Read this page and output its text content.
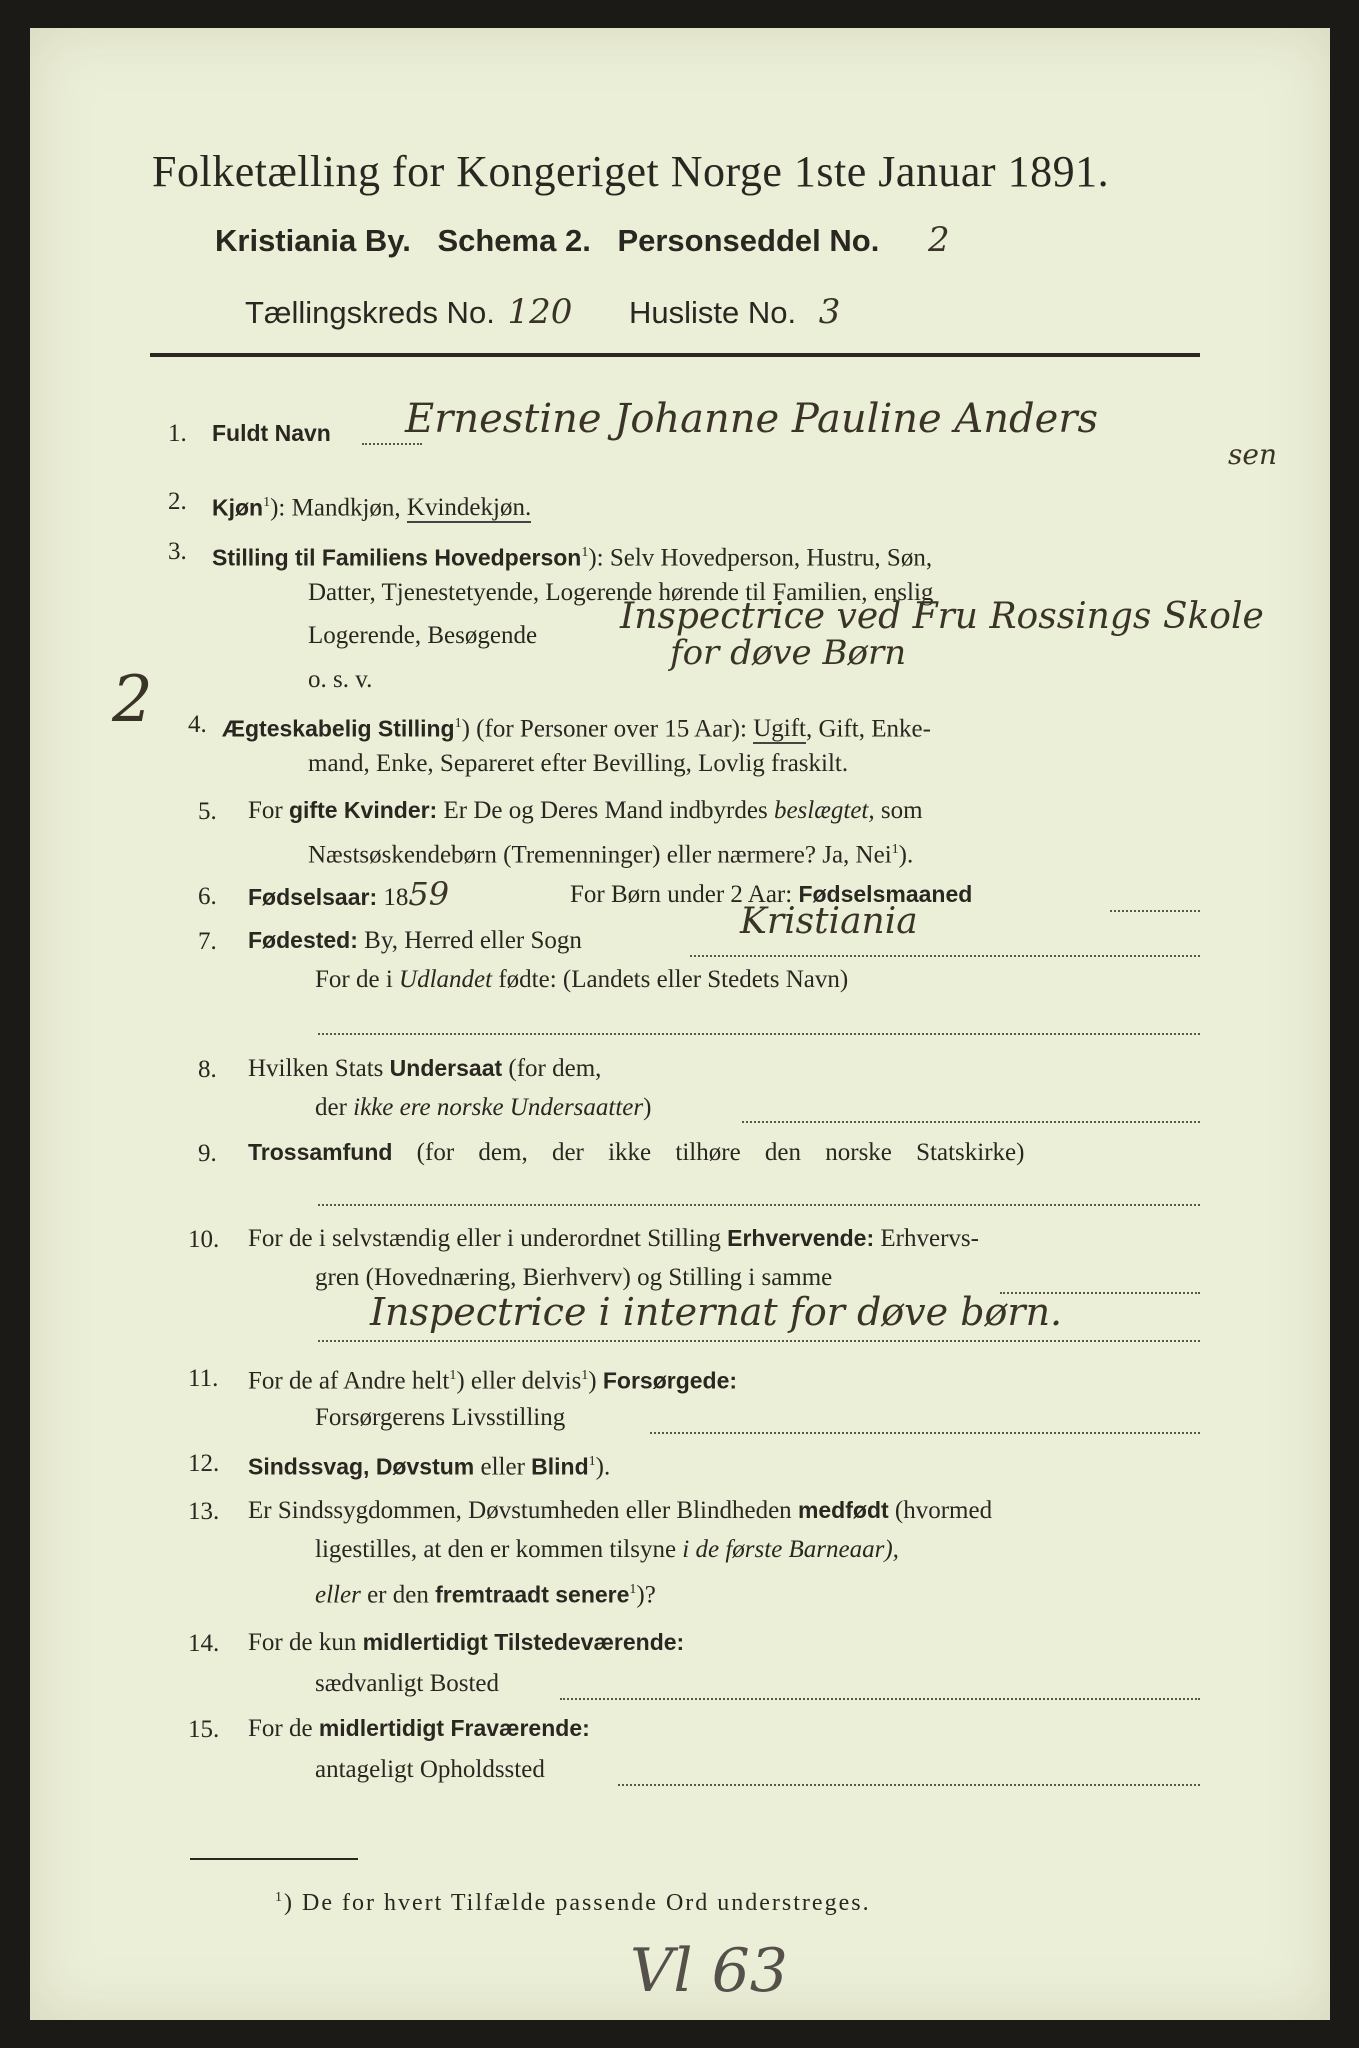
Folketælling for Kongeriget Norge 1ste Januar 1891.
Kristiania By. Schema 2. Personseddel No. 2
Tællingskreds No. 120 Husliste No. 3
1. Fuldt Navn Ernestine Johanne Pauline Anders
sen
2. Kjøn$^1$): Mandkjøn, Kvindekjøn.
3. Stilling til Familiens Hovedperson$^1$): Selv Hovedperson, Hustru, Søn,
Datter, Tjenestetyende, Logerende hørende til Familien, enslig
Logerende, Besøgende Inspectrice ved Fru Rossings Skole
for døve Børn
o. s. v.
2 4. Ægteskabelig Stilling$^1$) (for Personer over 15 Aar): Ugift, Gift, Enke-
mand, Enke, Separeret efter Bevilling, Lovlig fraskilt.
5. For gifte Kvinder: Er De og Deres Mand indbyrdes beslægtet, som
Næstsøskendebørn (Tremenninger) eller nærmere? Ja, Nei$^1$).
6. Fødselsaar: 1859	For Børn under 2 Aar: Fødselsmaaned
7. Fødested: By, Herred eller Sogn	Kristiania
For de i Udlandet fødte: (Landets eller Stedets Navn)
8. Hvilken Stats Undersaat (for dem,
der ikke ere norske Undersaatter)
9. Trossamfund (for dem, der ikke tilhøre den norske Statskirke)
10. For de i selvstændig eller i underordnet Stilling Erhvervende: Erhvervs-
gren (Hovednæring, Bierhverv) og Stilling i samme
Inspectrice i internat for døve børn.
11. For de af Andre helt$^1$) eller delvis$^1$) Forsørgede:
Forsørgerens Livsstilling
12. Sindssvag, Døvstum eller Blind$^1$).
13. Er Sindssygdommen, Døvstumheden eller Blindheden medfødt (hvormed
ligestilles, at den er kommen tilsyne i de første Barneaar),
eller er den fremtraadt senere$^1$)?
14. For de kun midlertidigt Tilstedeværende:
sædvanligt Bosted
15. For de midlertidigt Fraværende:
antageligt Opholdssted
$^1$) De for hvert Tilfælde passende Ord understreges.
Vl 63
